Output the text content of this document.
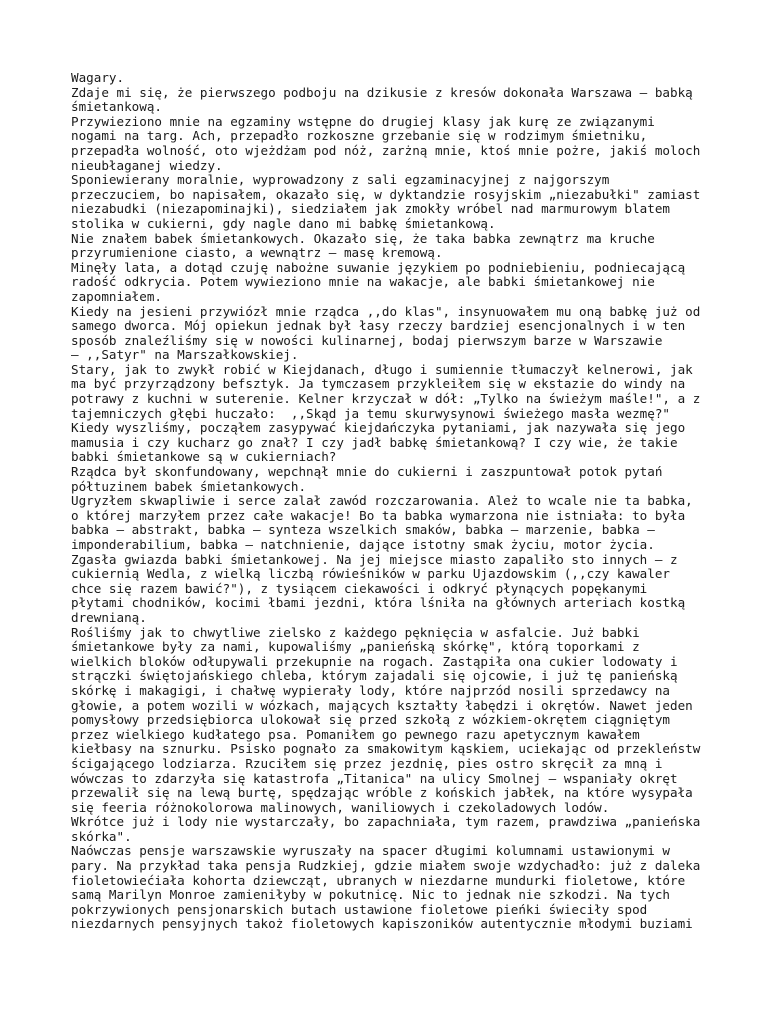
Wagary.
Zdaje mi się, że pierwszego podboju na dzikusie z kresów dokonała Warszawa — babką
śmietankową.
Przywieziono mnie na egzaminy wstępne do drugiej klasy jak kurę ze związanymi
nogami na targ. Ach, przepadło rozkoszne grzebanie się w rodzimym śmietniku,
przepadła wolność, oto wjeżdżam pod nóż, zarżną mnie, ktoś mnie pożre, jakiś moloch
nieubłaganej wiedzy.
Sponiewierany moralnie, wyprowadzony z sali egzaminacyjnej z najgorszym
przeczuciem, bo napisałem, okazało się, w dyktandzie rosyjskim „niezabułki" zamiast
niezabudki (niezapominajki), siedziałem jak zmokły wróbel nad marmurowym blatem
stolika w cukierni, gdy nagle dano mi babkę śmietankową.
Nie znałem babek śmietankowych. Okazało się, że taka babka zewnątrz ma kruche
przyrumienione ciasto, a wewnątrz — masę kremową.
Minęły lata, a dotąd czuję nabożne suwanie językiem po podniebieniu, podniecającą
radość odkrycia. Potem wywieziono mnie na wakacje, ale babki śmietankowej nie
zapomniałem.
Kiedy na jesieni przywiózł mnie rządca ,,do klas", insynuowałem mu oną babkę już od
samego dworca. Mój opiekun jednak był łasy rzeczy bardziej esencjonalnych i w ten
sposób znaleźliśmy się w nowości kulinarnej, bodaj pierwszym barze w Warszawie
— ,,Satyr" na Marszałkowskiej.
Stary, jak to zwykł robić w Kiejdanach, długo i sumiennie tłumaczył kelnerowi, jak
ma być przyrządzony befsztyk. Ja tymczasem przykleiłem się w ekstazie do windy na
potrawy z kuchni w suterenie. Kelner krzyczał w dół: „Tylko na świeżym maśle!", a z
tajemniczych głębi huczało:  ,,Skąd ja temu skurwysynowi świeżego masła wezmę?"
Kiedy wyszliśmy, począłem zasypywać kiejdańczyka pytaniami, jak nazywała się jego
mamusia i czy kucharz go znał? I czy jadł babkę śmietankową? I czy wie, że takie
babki śmietankowe są w cukierniach?
Rządca był skonfundowany, wepchnął mnie do cukierni i zaszpuntował potok pytań
półtuzinem babek śmietankowych.
Ugryzłem skwapliwie i serce zalał zawód rozczarowania. Ależ to wcale nie ta babka,
o której marzyłem przez całe wakacje! Bo ta babka wymarzona nie istniała: to była
babka — abstrakt, babka — synteza wszelkich smaków, babka — marzenie, babka —
imponderabilium, babka — natchnienie, dające istotny smak życiu, motor życia.
Zgasła gwiazda babki śmietankowej. Na jej miejsce miasto zapaliło sto innych — z
cukiernią Wedla, z wielką liczbą rówieśników w parku Ujazdowskim (,,czy kawaler
chce się razem bawić?"), z tysiącem ciekawości i odkryć płynących popękanymi
płytami chodników, kocimi łbami jezdni, która lśniła na głównych arteriach kostką
drewnianą.
Rośliśmy jak to chwytliwe zielsko z każdego pęknięcia w asfalcie. Już babki
śmietankowe były za nami, kupowaliśmy „panieńską skórkę", którą toporkami z
wielkich bloków odłupywali przekupnie na rogach. Zastąpiła ona cukier lodowaty i
strączki świętojańskiego chleba, którym zajadali się ojcowie, i już tę panieńską
skórkę i makagigi, i chałwę wypierały lody, które najprzód nosili sprzedawcy na
głowie, a potem wozili w wózkach, mających kształty łabędzi i okrętów. Nawet jeden
pomysłowy przedsiębiorca ulokował się przed szkołą z wózkiem-okrętem ciągniętym
przez wielkiego kudłatego psa. Pomaniłem go pewnego razu apetycznym kawałem
kiełbasy na sznurku. Psisko pognało za smakowitym kąskiem, uciekając od przekleństw
ścigającego lodziarza. Rzuciłem się przez jezdnię, pies ostro skręcił za mną i
wówczas to zdarzyła się katastrofa „Titanica" na ulicy Smolnej — wspaniały okręt
przewalił się na lewą burtę, spędzając wróble z końskich jabłek, na które wysypała
się feeria różnokolorowa malinowych, waniliowych i czekoladowych lodów.
Wkrótce już i lody nie wystarczały, bo zapachniała, tym razem, prawdziwa „panieńska
skórka".
Naówczas pensje warszawskie wyruszały na spacer długimi kolumnami ustawionymi w
pary. Na przykład taka pensja Rudzkiej, gdzie miałem swoje wzdychadło: już z daleka
fioletowiećiała kohorta dziewcząt, ubranych w niezdarne mundurki fioletowe, które
samą Marilyn Monroe zamieniłyby w pokutnicę. Nic to jednak nie szkodzi. Na tych
pokrzywionych pensjonarskich butach ustawione fioletowe pieńki świeciły spod
niezdarnych pensyjnych takoż fioletowych kapiszoników autentycznie młodymi buziami
